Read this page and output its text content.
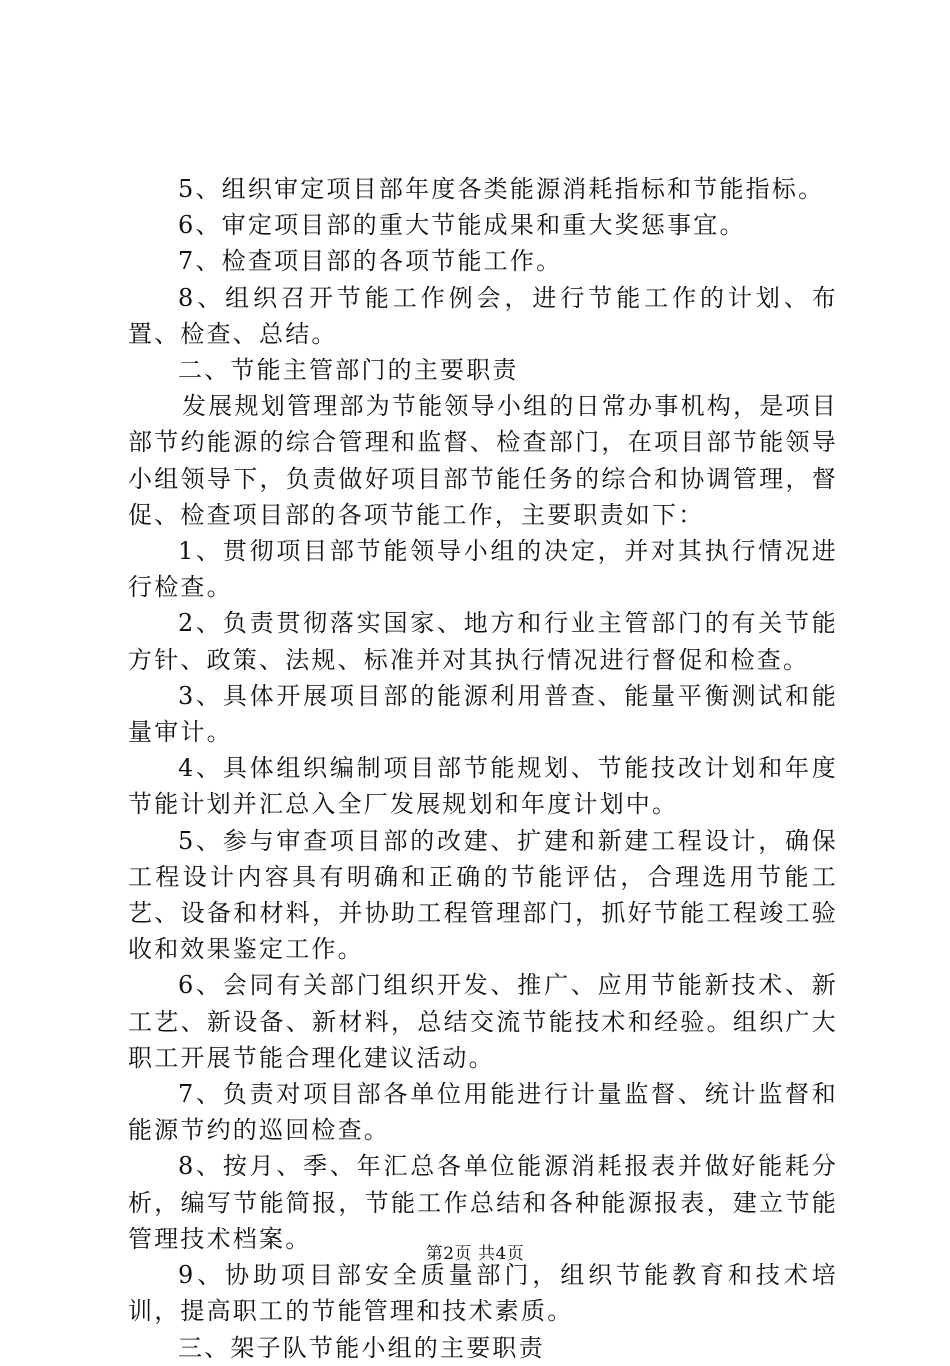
5、组织审定项目部年度各类能源消耗指标和节能指标。

6、审定项目部的重大节能成果和重大奖惩事宜。

7、检查项目部的各项节能工作。

8、组织召开节能工作例会，进行节能工作的计划、布置、检查、总结。

二、节能主管部门的主要职责

发展规划管理部为节能领导小组的日常办事机构，是项目部节约能源的综合管理和监督、检查部门，在项目部节能领导小组领导下，负责做好项目部节能任务的综合和协调管理，督促、检查项目部的各项节能工作，主要职责如下：

1、贯彻项目部节能领导小组的决定，并对其执行情况进行检查。

2、负责贯彻落实国家、地方和行业主管部门的有关节能方针、政策、法规、标准并对其执行情况进行督促和检查。

3、具体开展项目部的能源利用普查、能量平衡测试和能量审计。

4、具体组织编制项目部节能规划、节能技改计划和年度节能计划并汇总入全厂发展规划和年度计划中。

5、参与审查项目部的改建、扩建和新建工程设计，确保工程设计内容具有明确和正确的节能评估，合理选用节能工艺、设备和材料，并协助工程管理部门，抓好节能工程竣工验收和效果鉴定工作。

6、会同有关部门组织开发、推广、应用节能新技术、新工艺、新设备、新材料，总结交流节能技术和经验。组织广大职工开展节能合理化建议活动。

7、负责对项目部各单位用能进行计量监督、统计监督和能源节约的巡回检查。

8、按月、季、年汇总各单位能源消耗报表并做好能耗分析，编写节能简报，节能工作总结和各种能源报表，建立节能管理技术档案。

9、协助项目部安全质量部门，组织节能教育和技术培训，提高职工的节能管理和技术素质。

三、架子队节能小组的主要职责

第2页 共4页
